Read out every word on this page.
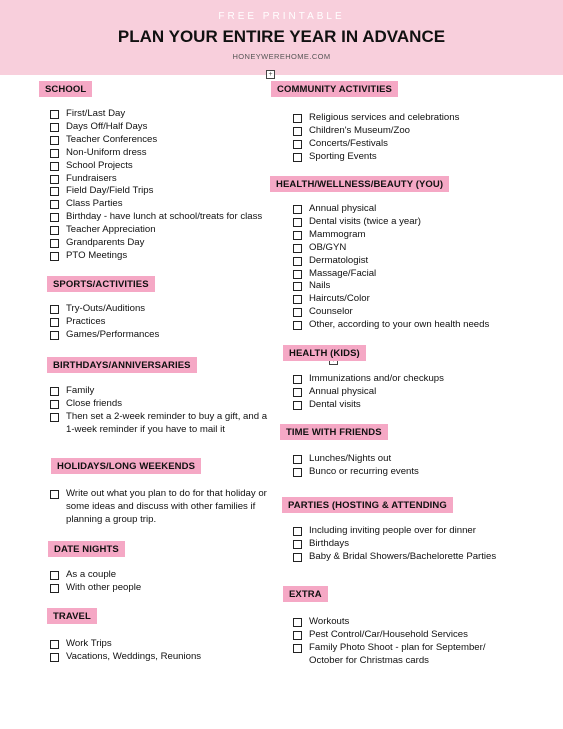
FREE PRINTABLE
PLAN YOUR ENTIRE YEAR IN ADVANCE
HONEYWEREHOME.COM
+
SCHOOL
First/Last Day
Days Off/Half Days
Teacher Conferences
Non-Uniform dress
School Projects
Fundraisers
Field Day/Field Trips
Class Parties
Birthday - have lunch at school/treats for class
Teacher Appreciation
Grandparents Day
PTO Meetings
SPORTS/ACTIVITIES
Try-Outs/Auditions
Practices
Games/Performances
BIRTHDAYS/ANNIVERSARIES
Family
Close friends
Then set a 2-week reminder to buy a gift, and a
1-week reminder if you have to mail it
HOLIDAYS/LONG WEEKENDS
Write out what you plan to do for that holiday or
some ideas and discuss with other families if
planning a group trip.
DATE NIGHTS
As a couple
With other people
TRAVEL
Work Trips
Vacations, Weddings, Reunions
COMMUNITY ACTIVITIES
Religious services and celebrations
Children's Museum/Zoo
Concerts/Festivals
Sporting Events
HEALTH/WELLNESS/BEAUTY (YOU)
Annual physical
Dental visits (twice a year)
Mammogram
OB/GYN
Dermatologist
Massage/Facial
Nails
Haircuts/Color
Counselor
Other, according to your own health needs
HEALTH (KIDS)
Immunizations and/or checkups
Annual physical
Dental visits
TIME WITH FRIENDS
Lunches/Nights out
Bunco or recurring events
PARTIES (HOSTING & ATTENDING
Including inviting people over for dinner
Birthdays
Baby & Bridal Showers/Bachelorette Parties
EXTRA
Workouts
Pest Control/Car/Household Services
Family Photo Shoot - plan for September/
October for Christmas cards
